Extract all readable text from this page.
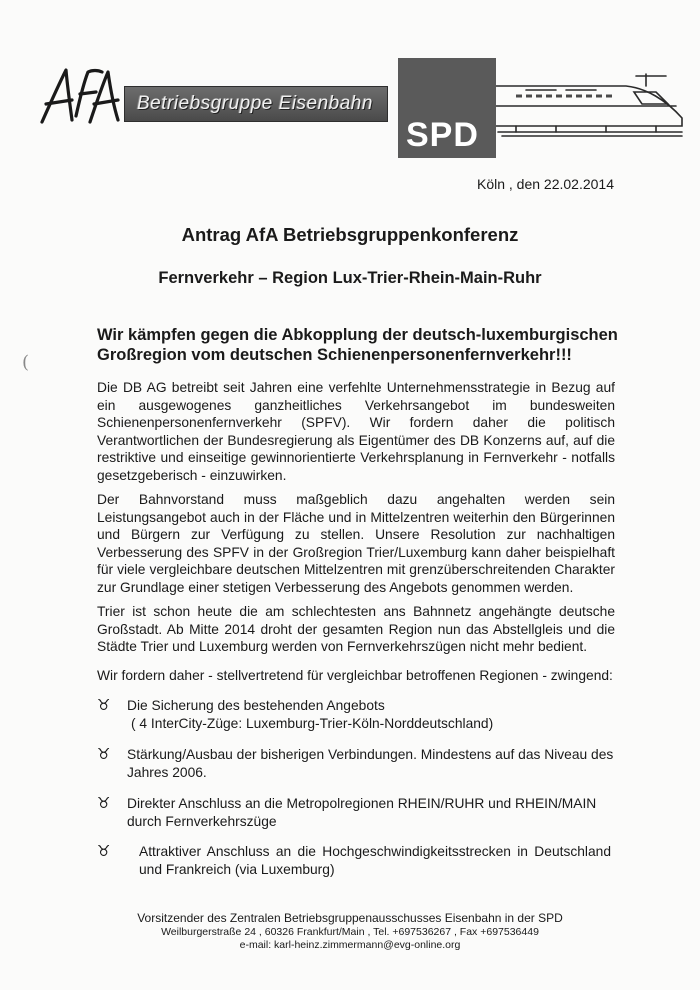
Betriebsgruppe Eisenbahn
SPD
Köln , den 22.02.2014
Antrag AfA Betriebsgruppenkonferenz
Fernverkehr – Region Lux-Trier-Rhein-Main-Ruhr
Wir kämpfen gegen die Abkopplung der deutsch-luxemburgischen
Großregion vom deutschen Schienenpersonenfernverkehr!!!
(
Die DB AG betreibt seit Jahren eine verfehlte Unternehmensstrategie in Bezug auf ein ausgewogenes ganzheitliches Verkehrsangebot im bundesweiten Schienenpersonenfernverkehr (SPFV). Wir fordern daher die politisch Verantwortlichen der Bundesregierung als Eigentümer des DB Konzerns auf, auf die restriktive und einseitige gewinnorientierte Verkehrsplanung in Fernverkehr - notfalls gesetzgeberisch - einzuwirken.
Der Bahnvorstand muss maßgeblich dazu angehalten werden sein Leistungsangebot auch in der Fläche und in Mittelzentren weiterhin den Bürgerinnen und Bürgern zur Verfügung zu stellen. Unsere Resolution zur nachhaltigen Verbesserung des SPFV in der Großregion Trier/Luxemburg kann daher beispielhaft für viele vergleichbare deutschen Mittelzentren mit grenzüberschreitenden Charakter zur Grundlage einer stetigen Verbesserung des Angebots genommen werden.
Trier ist schon heute die am schlechtesten ans Bahnnetz angehängte deutsche Großstadt. Ab Mitte 2014 droht der gesamten Region nun das Abstellgleis und die Städte Trier und Luxemburg werden von Fernverkehrszügen nicht mehr bedient.
Wir fordern daher - stellvertretend für vergleichbar betroffenen Regionen - zwingend:
♉ Die Sicherung des bestehenden Angebots
( 4 InterCity-Züge: Luxemburg-Trier-Köln-Norddeutschland)
♉ Stärkung/Ausbau der bisherigen Verbindungen. Mindestens auf das Niveau des Jahres 2006.
♉ Direkter Anschluss an die Metropolregionen RHEIN/RUHR und RHEIN/MAIN durch Fernverkehrszüge
♉ Attraktiver Anschluss an die Hochgeschwindigkeitsstrecken in Deutschland und Frankreich (via Luxemburg)
Vorsitzender des Zentralen Betriebsgruppenausschusses Eisenbahn in der SPD
Weilburgerstraße 24 , 60326 Frankfurt/Main , Tel. +697536267 , Fax +697536449
e-mail: karl-heinz.zimmermann@evg-online.org
